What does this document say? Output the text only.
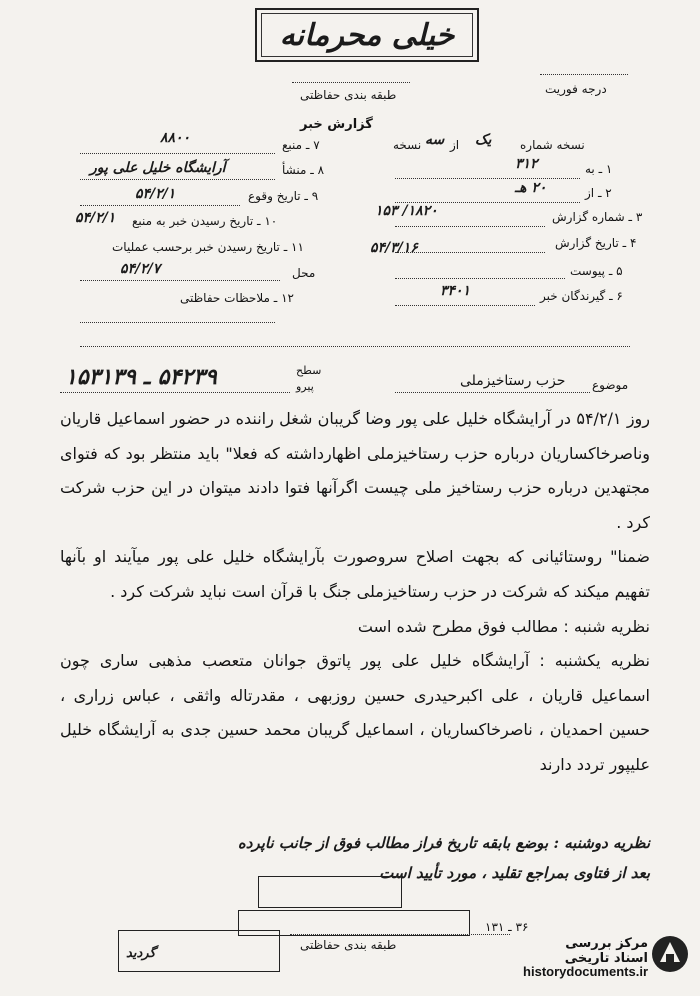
خیلی محرمانه
درجه فوریت
طبقه بندی حفاظتی
گزارش خبر
نسخه شماره
یک
از
سه
نسخه
۱ ـ به
۳۱۲
۲ ـ از
۲۰ هـ
۳ ـ شماره گزارش
۱۸۲۰/ ۱۵۳
۴ ـ تاریخ گزارش
۵۴/۳/۱۶
۵ ـ پیوست
۶ ـ گیرندگان خبر
۳۴۰۱
۷ ـ منبع
۸۸۰۰
۸ ـ منشأ
آرایشگاه خلیل علی پور
۹ ـ تاریخ وقوع
۵۴/۲/۱
۱۰ ـ تاریخ رسیدن خبر به منبع
۵۴/۲/۱
۱۱ ـ تاریخ رسیدن خبر برحسب عملیات
محل
۵۴/۲/۷
۱۲ ـ ملاحظات حفاظتی
موضوع
حزب رستاخیزملی
۵۴۲۳۹ ـ ۱۵۳۱۳۹	سطح
پیرو

روز ۵۴/۲/۱ در آرایشگاه خلیل علی پور وضا گریبان شغل راننده در حضور اسماعیل قاریان وناصرخاکساریان درباره حزب رستاخیزملی اظهارداشته که فعلا" باید منتظر بود که فتوای مجتهدین درباره حزب رستاخیز ملی چیست اگرآنها فتوا دادند میتوان در این حزب شرکت کرد .

ضمنا" روستائیانی که بجهت اصلاح سروصورت بآرایشگاه خلیل علی پور میآیند او بآنها تفهیم میکند که شرکت در حزب رستاخیزملی جنگ با قرآن است نباید شرکت کرد .

نظریه شنبه : مطالب فوق مطرح شده است

نظریه یکشنبه : آرایشگاه خلیل علی پور پاتوق جوانان متعصب مذهبی ساری چون اسماعیل قاریان ، علی اکبرحیدری حسین روزبهی ، مقدرتاله واثقی ، عباس زراری ، حسین احمدیان ، ناصرخاکساریان ، اسماعیل گریبان محمد حسین جدی به آرایشگاه خلیل علیپور تردد دارند

نظریه دوشنبه : بوضع بابقه تاریخ فراز مطالب فوق از جانب ناپرده
بعد از فتاوی بمراجع تقلید ، مورد تأیید است
گردید
۳۶ ـ ۱۳۱
طبقه بندی حفاظتی	مرکز بررسی اسناد تاریخی
historydocuments.ir
